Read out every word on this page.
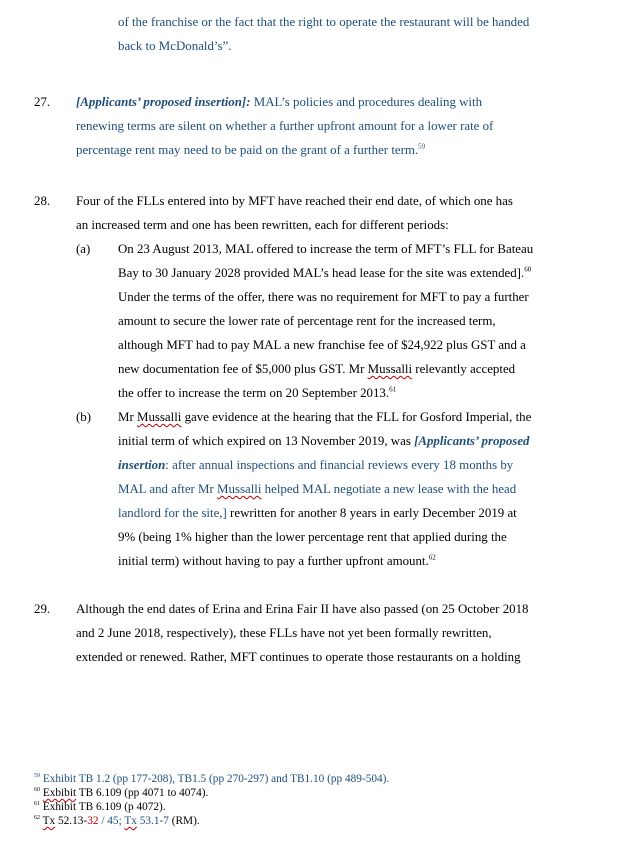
of the franchise or the fact that the right to operate the restaurant will be handed
back to McDonald’s”.
27. [Applicants’ proposed insertion]: MAL’s policies and procedures dealing with
renewing terms are silent on whether a further upfront amount for a lower rate of
percentage rent may need to be paid on the grant of a further term.$^{59}$
28. Four of the FLLs entered into by MFT have reached their end date, of which one has
an increased term and one has been rewritten, each for different periods:
(a) On 23 August 2013, MAL offered to increase the term of MFT’s FLL for Bateau
Bay to 30 January 2028 provided MAL’s head lease for the site was extended].$^{60}$
Under the terms of the offer, there was no requirement for MFT to pay a further
amount to secure the lower rate of percentage rent for the increased term,
although MFT had to pay MAL a new franchise fee of $24,922 plus GST and a
new documentation fee of $5,000 plus GST. Mr Mussalli relevantly accepted
the offer to increase the term on 20 September 2013.61
(b) Mr Mussalli gave evidence at the hearing that the FLL for Gosford Imperial, the
initial term of which expired on 13 November 2019, was [Applicants’ proposed
insertion: after annual inspections and financial reviews every 18 months by
MAL and after Mr Mussalli helped MAL negotiate a new lease with the head
landlord for the site,] rewritten for another 8 years in early December 2019 at
9% (being 1% higher than the lower percentage rent that applied during the
initial term) without having to pay a further upfront amount.$^{62}$
29. Although the end dates of Erina and Erina Fair II have also passed (on 25 October 2018
and 2 June 2018, respectively), these FLLs have not yet been formally rewritten,
extended or renewed. Rather, MFT continues to operate those restaurants on a holding
$^{59}$ Exhibit TB 1.2 (pp 177-208), TB1.5 (pp 270-297) and TB1.10 (pp 489-504).
$^{60}$ Exbibit TB 6.109 (pp 4071 to 4074).
$^{61}$ Exhibit TB 6.109 (p 4072).
$^{62}$ Tx 52.13-32 / 45; Tx 53.1-7 (RM).
